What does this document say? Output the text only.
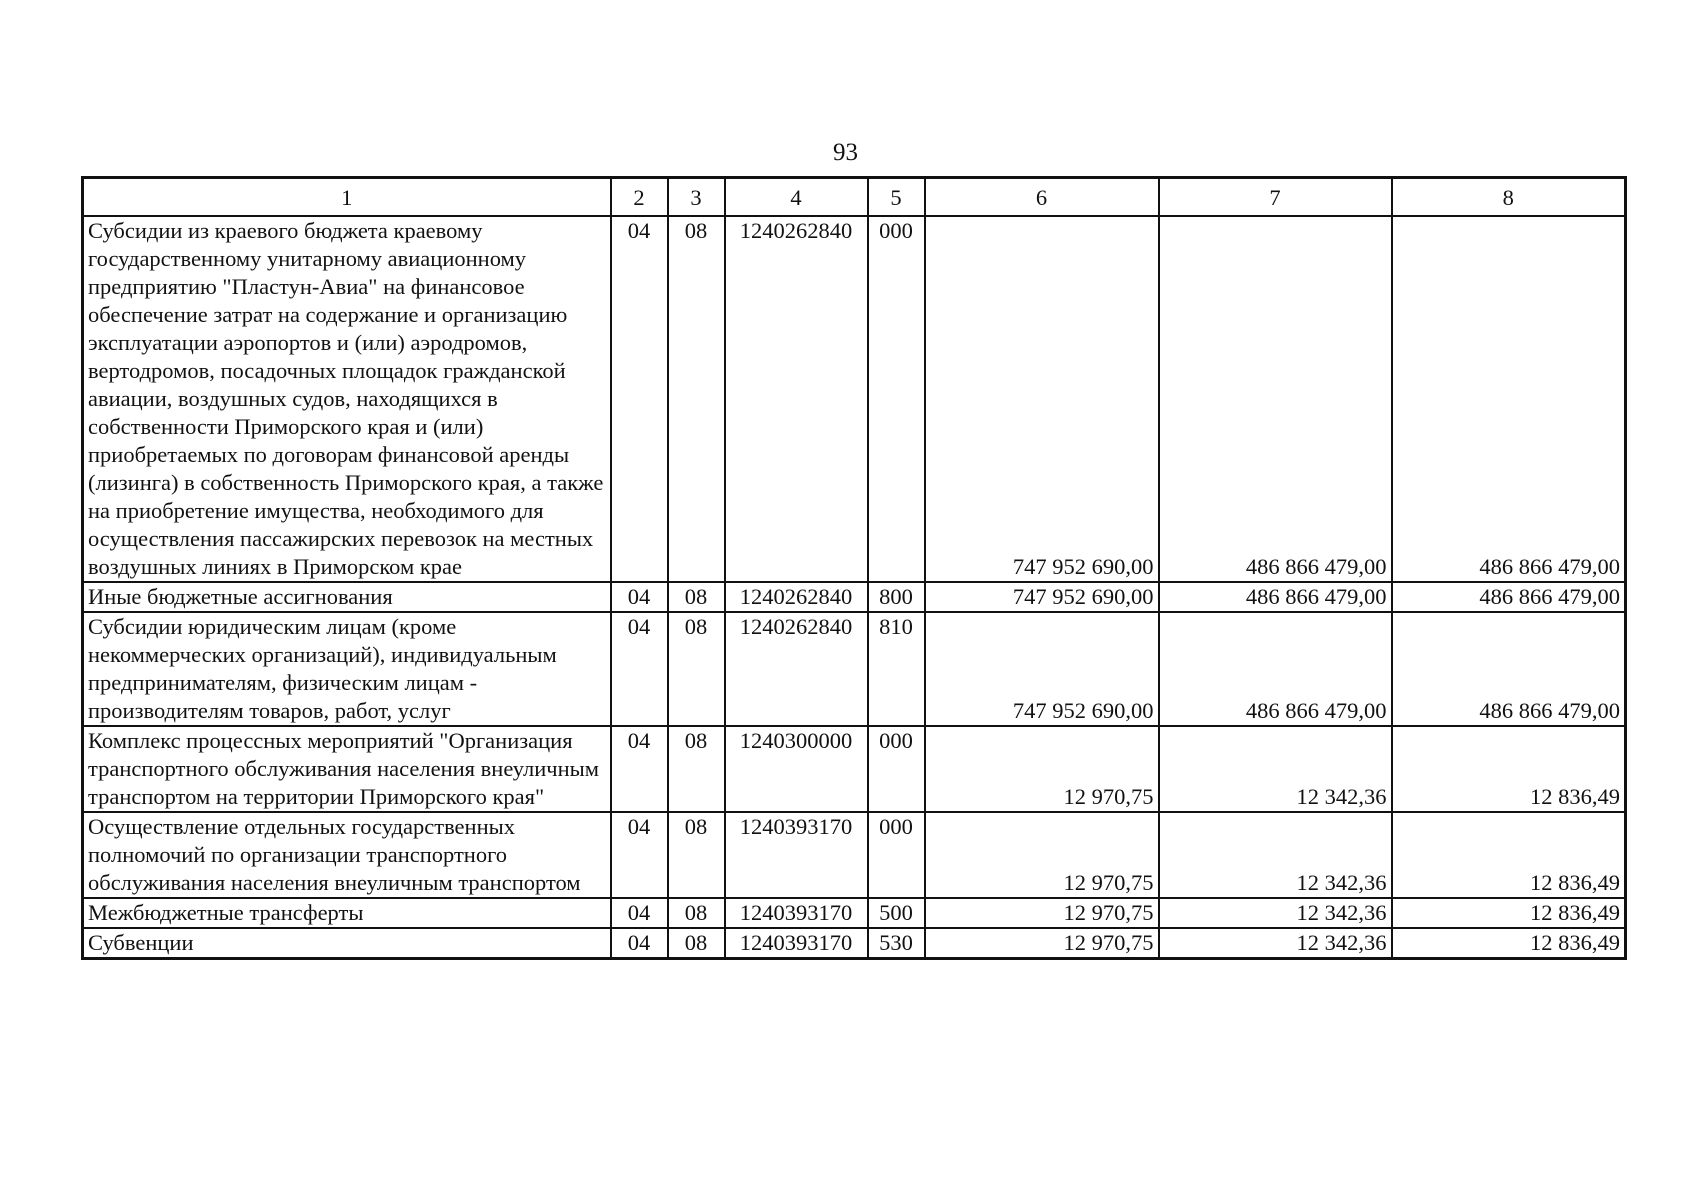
93
1	2	3	4	5	6	7	8
Субсидии из краевого бюджета краевому государственному унитарному авиационному предприятию "Пластун-Авиа" на финансовое обеспечение затрат на содержание и организацию эксплуатации аэропортов и (или) аэродромов, вертодромов, посадочных площадок гражданской авиации, воздушных судов, находящихся в собственности Приморского края и (или) приобретаемых по договорам финансовой аренды (лизинга) в собственность Приморского края, а также на приобретение имущества, необходимого для осуществления пассажирских перевозок на местных воздушных линиях в Приморском крае	04	08	1240262840	000	747 952 690,00	486 866 479,00	486 866 479,00
Иные бюджетные ассигнования	04	08	1240262840	800	747 952 690,00	486 866 479,00	486 866 479,00
Субсидии юридическим лицам (кроме некоммерческих организаций), индивидуальным предпринимателям, физическим лицам - производителям товаров, работ, услуг	04	08	1240262840	810	747 952 690,00	486 866 479,00	486 866 479,00
Комплекс процессных мероприятий "Организация транспортного обслуживания населения внеуличным транспортом на территории Приморского края"	04	08	1240300000	000	12 970,75	12 342,36	12 836,49
Осуществление отдельных государственных полномочий по организации транспортного обслуживания населения внеуличным транспортом	04	08	1240393170	000	12 970,75	12 342,36	12 836,49
Межбюджетные трансферты	04	08	1240393170	500	12 970,75	12 342,36	12 836,49
Субвенции	04	08	1240393170	530	12 970,75	12 342,36	12 836,49
